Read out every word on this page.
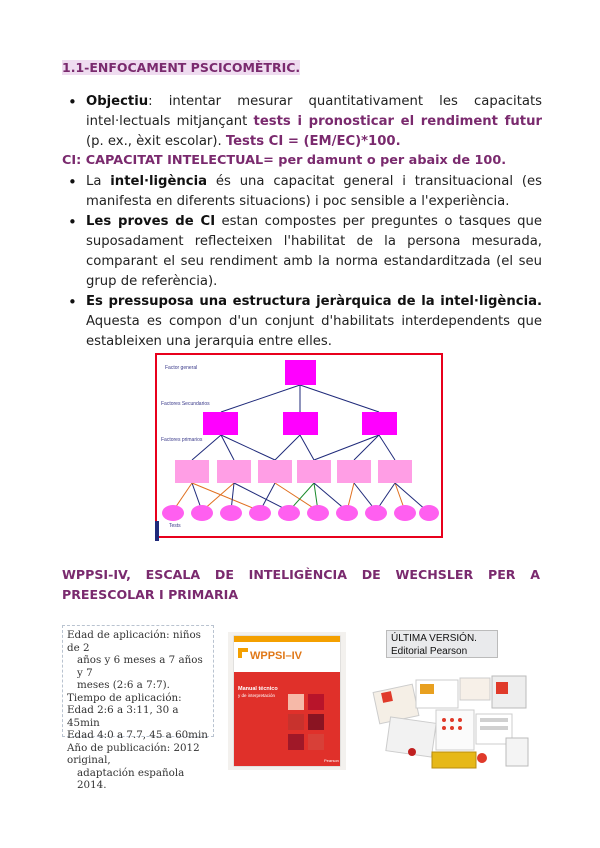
1.1-ENFOCAMENT PSCICOMÈTRIC.
• Objectiu: intentar mesurar quantitativament les capacitats intel·lectuals mitjançant tests i pronosticar el rendiment futur (p. ex., èxit escolar). Tests CI = (EM/EC)*100.
CI: CAPACITAT INTELECTUAL= per damunt o per abaix de 100.
• La intel·ligència és una capacitat general i transituacional (es manifesta en diferents situacions) i poc sensible a l'experiència.
• Les proves de CI estan compostes per preguntes o tasques que suposadament reflecteixen l'habilitat de la persona mesurada, comparant el seu rendiment amb la norma estandarditzada (el seu grup de referència).
• Es pressuposa una estructura jeràrquica de la intel·ligència. Aquesta es compon d'un conjunt d'habilitats interdependents que estableixen una jerarquia entre elles.
Factor general
Factores Secundarios
Factores primarios
Tests
WPPSI-IV, ESCALA DE INTELIGÈNCIA DE WECHSLER PER A

PREESCOLAR I PRIMARIA
Edad de aplicación: niños de 2
años y 6 meses a 7 años y 7
meses (2:6 a 7:7).
Tiempo de aplicación:
Edad 2:6 a 3:11, 30 a 45min
Edad 4:0 a 7.7, 45 a 60min
Año de publicación: 2012 original,
adaptación española 2014.
WPPSI–IV
Manual técnico
y de interpretación
Pearson
ÚLTIMA VERSIÓN.
Editorial Pearson
